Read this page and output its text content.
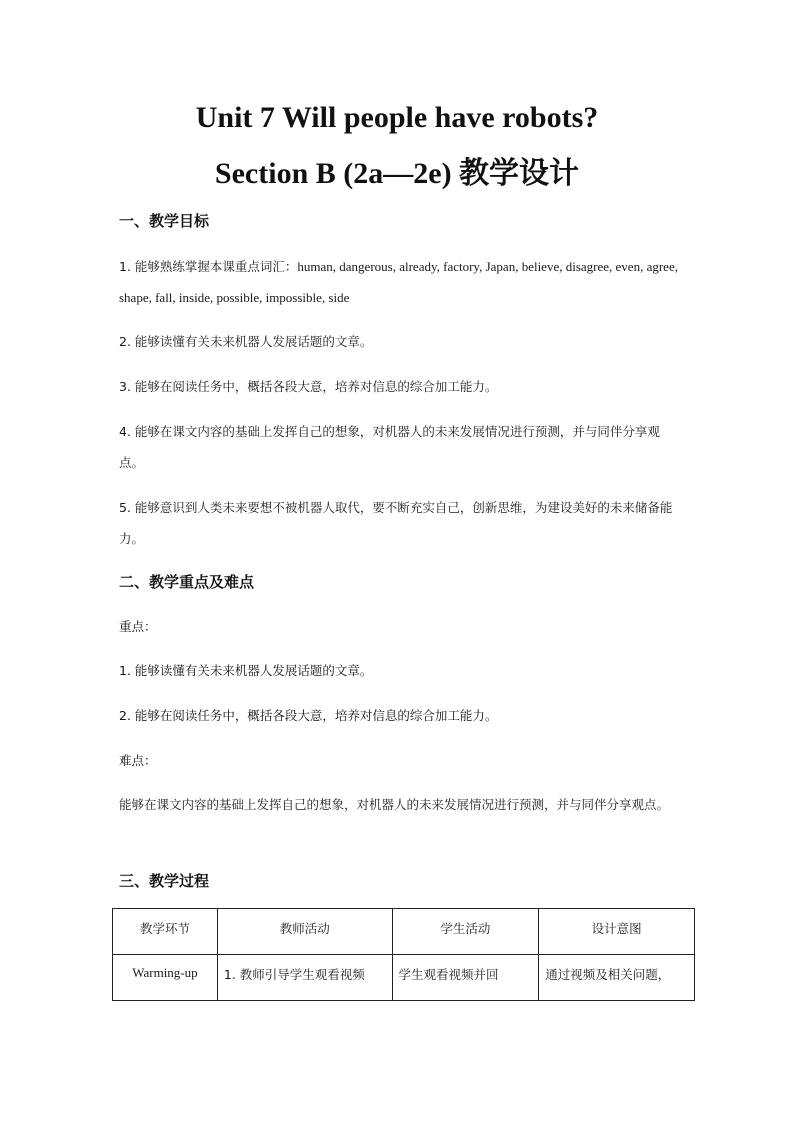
Unit 7 Will people have robots?
Section B (2a—2e) 教学设计
一、教学目标

1. 能够熟练掌握本课重点词汇：human, dangerous, already, factory, Japan, believe, disagree, even, agree, shape, fall, inside, possible, impossible, side

2. 能够读懂有关未来机器人发展话题的文章。

3. 能够在阅读任务中，概括各段大意，培养对信息的综合加工能力。

4. 能够在课文内容的基础上发挥自己的想象，对机器人的未来发展情况进行预测，并与同伴分享观点。

5. 能够意识到人类未来要想不被机器人取代，要不断充实自己，创新思维，为建设美好的未来储备能力。

二、教学重点及难点

重点：

1. 能够读懂有关未来机器人发展话题的文章。

2. 能够在阅读任务中，概括各段大意，培养对信息的综合加工能力。

难点：

能够在课文内容的基础上发挥自己的想象，对机器人的未来发展情况进行预测，并与同伴分享观点。

三、教学过程
教学环节	教师活动	学生活动	设计意图
Warming-up	1. 教师引导学生观看视频	学生观看视频并回	通过视频及相关问题，
